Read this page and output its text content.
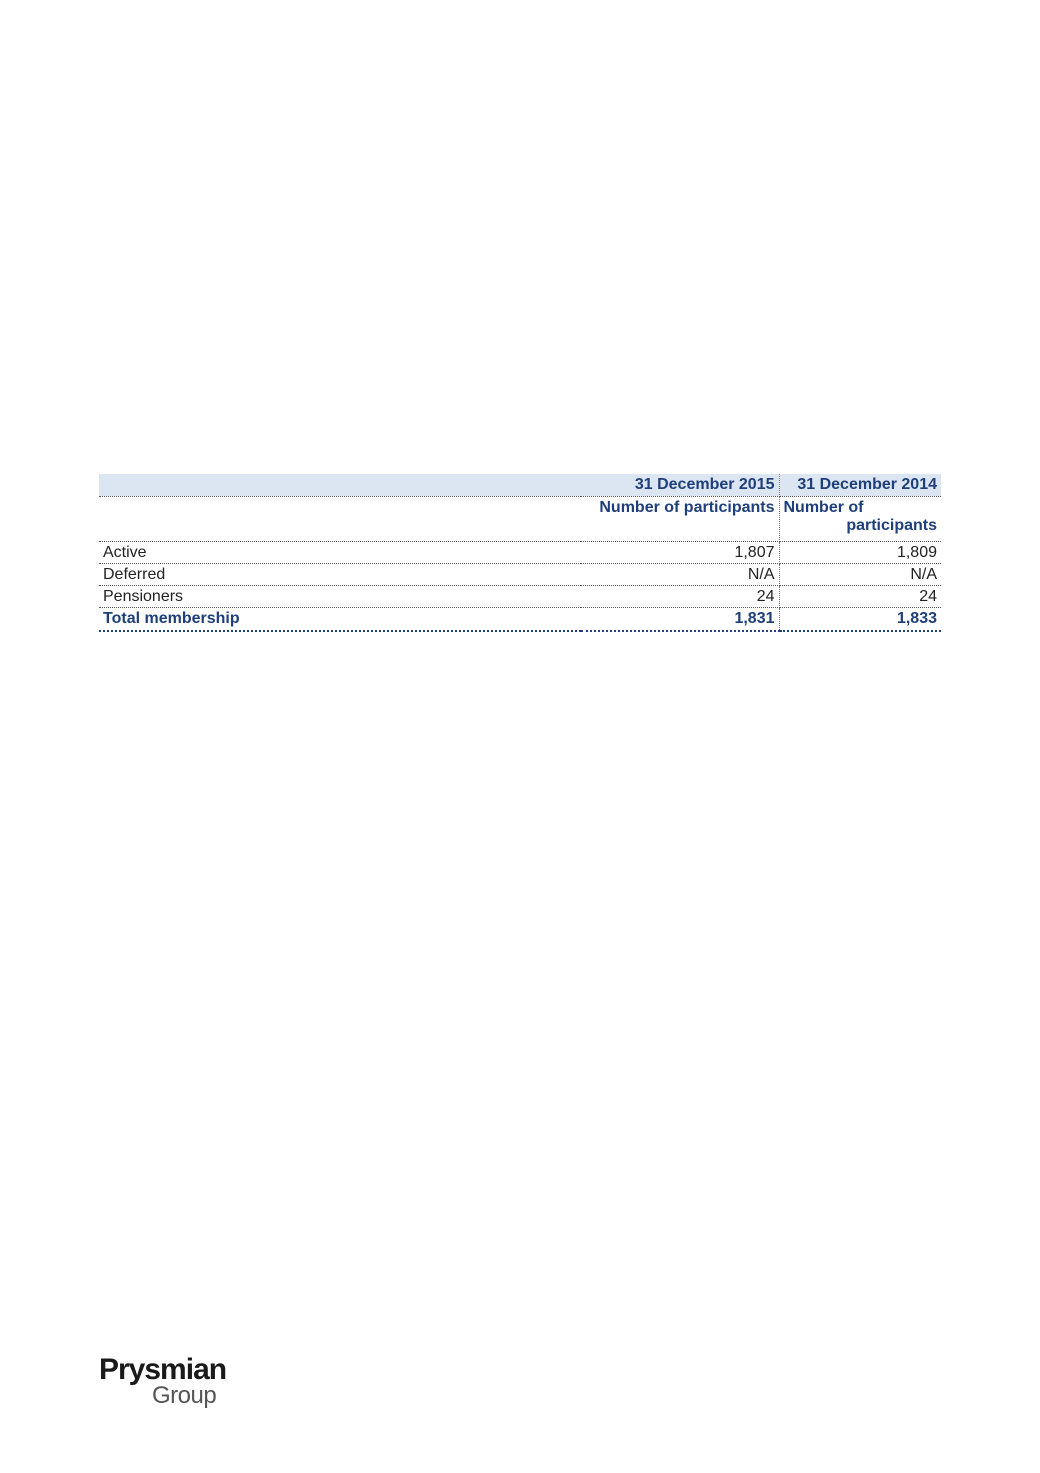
	31 December 2015	31 December 2014
	Number of participants	Number of
participants

Active	1,807	1,809
Deferred	N/A	N/A
Pensioners	24	24
Total membership	1,831	1,833
Prysmian
Group
